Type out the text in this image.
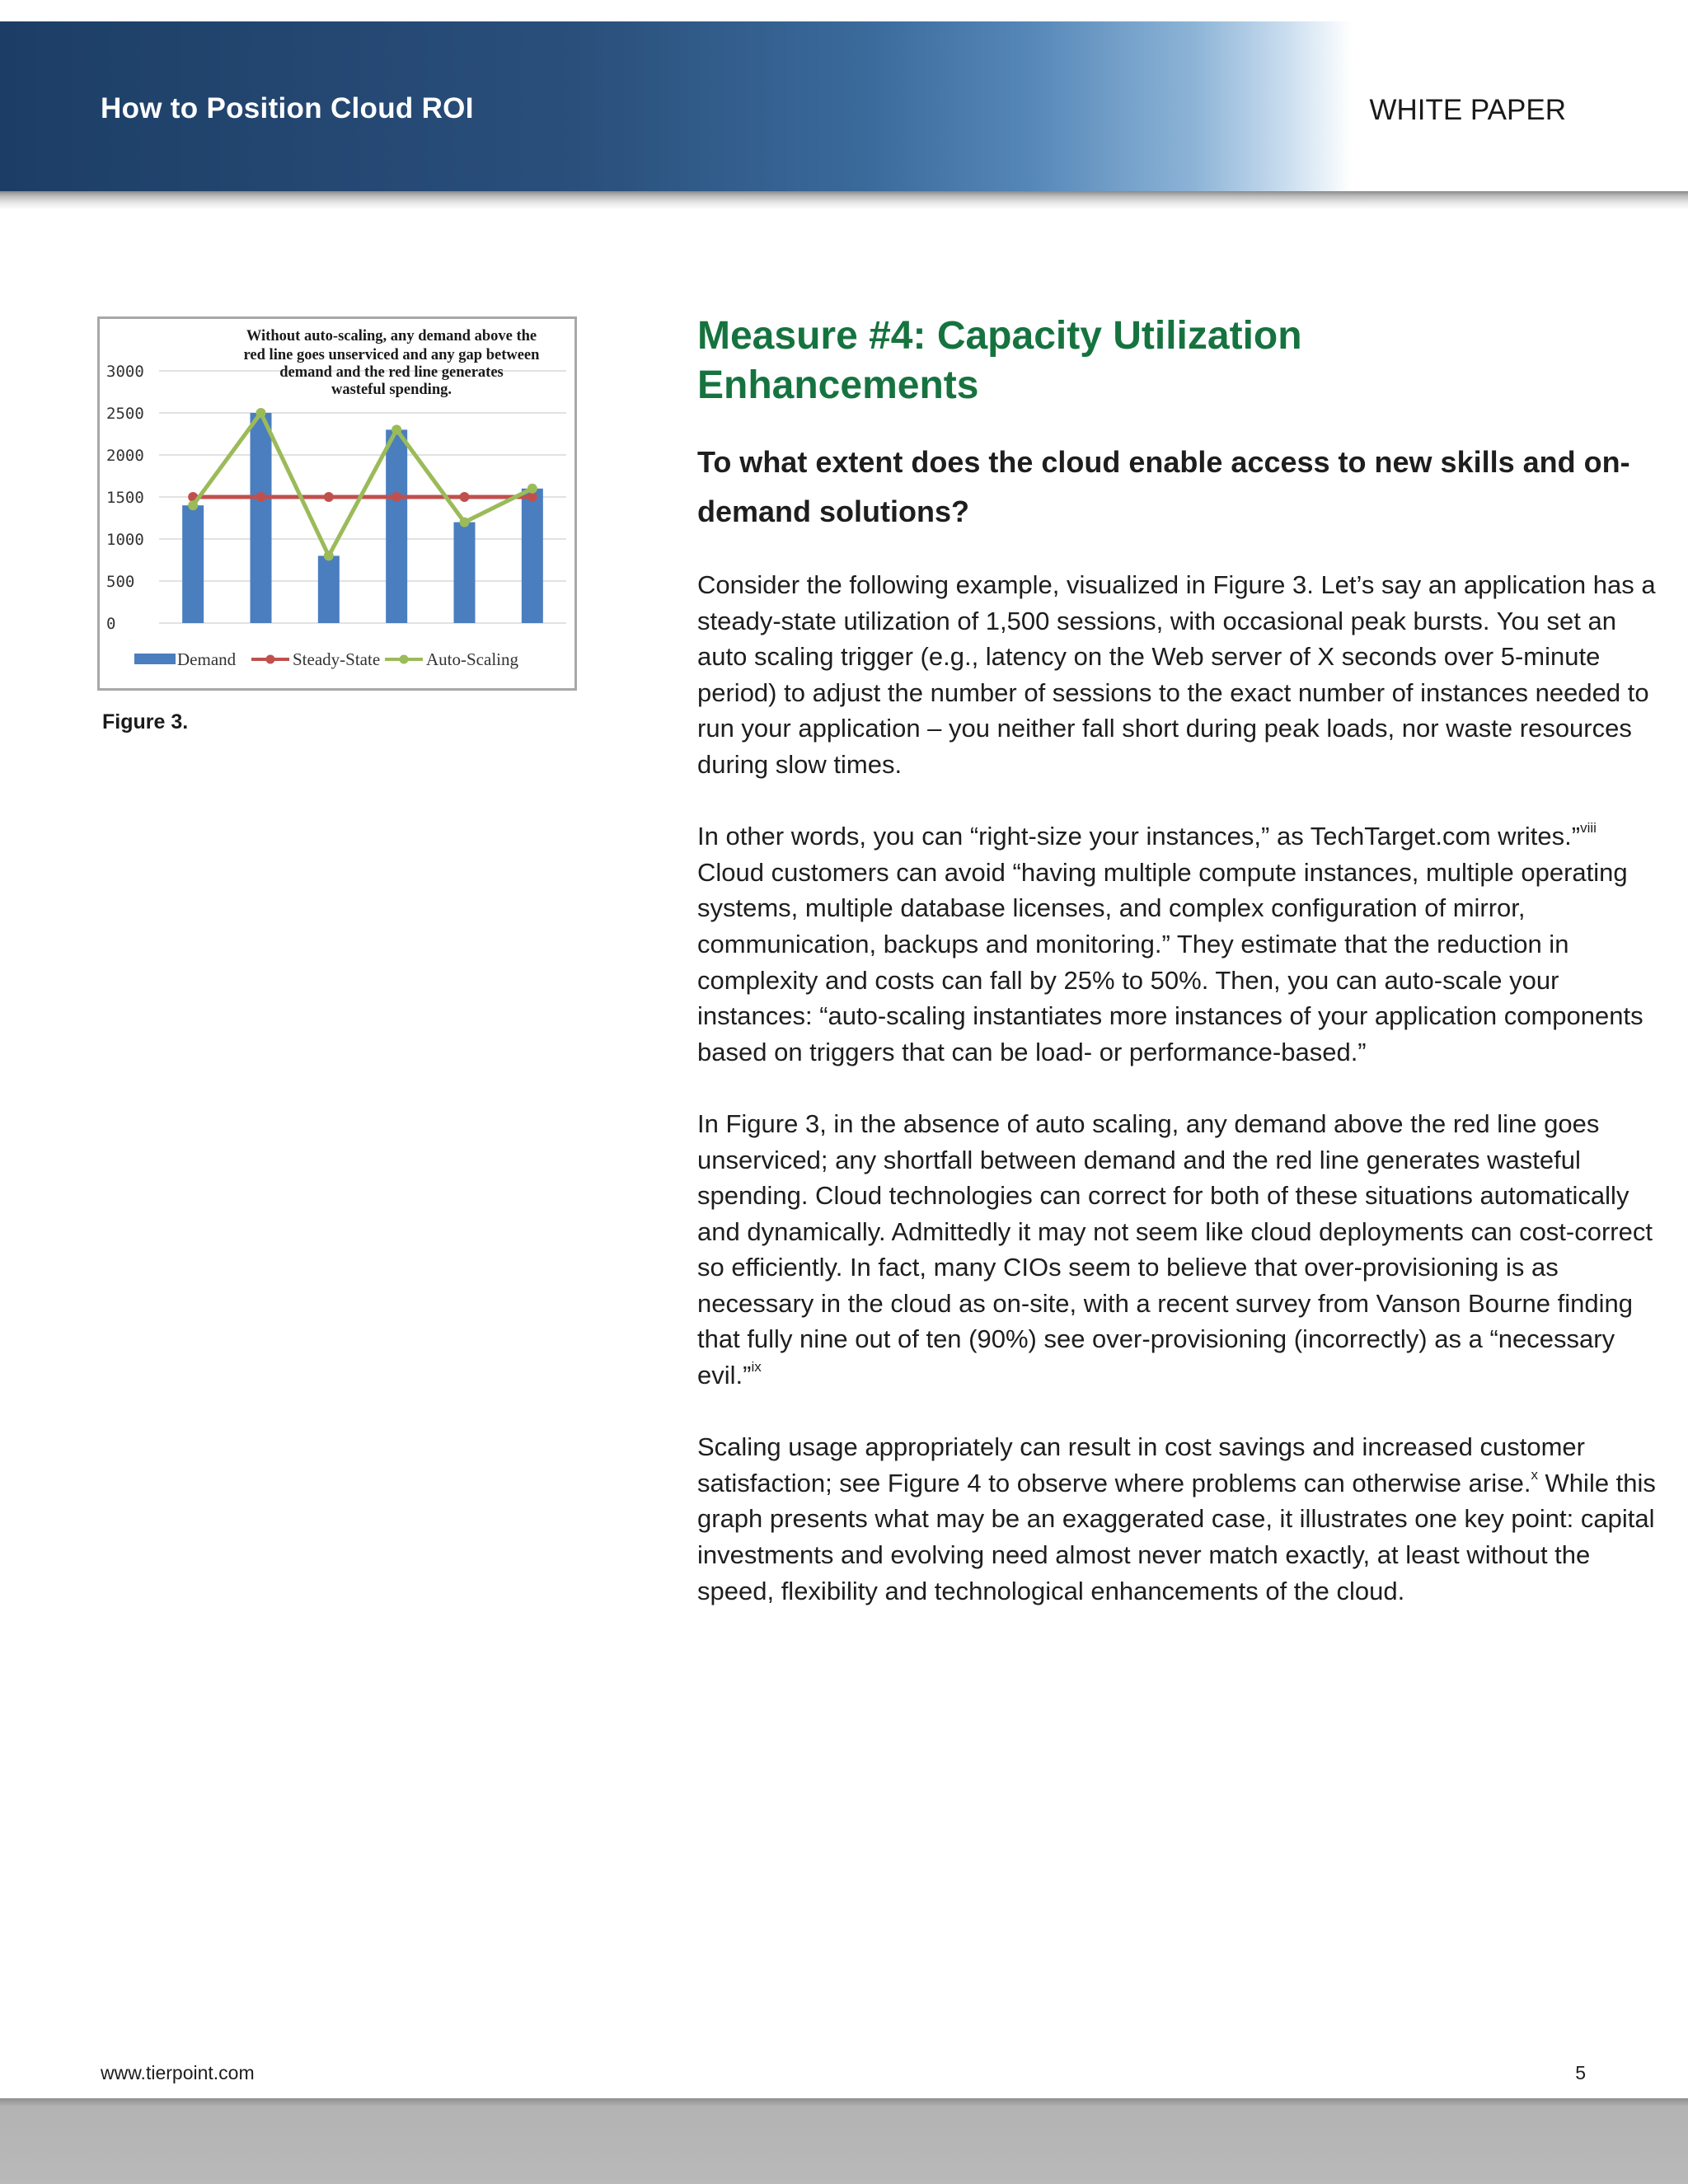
How to Position Cloud ROI	WHITE PAPER
0
500
1000
1500
2000
2500
3000
Without auto-scaling, any demand above the
red line goes unserviced and any gap between
demand and the red line generates
wasteful spending.
Demand	Steady-State	Auto-Scaling
Figure 3.
Measure #4: Capacity Utilization
Enhancements
To what extent does the cloud enable access to new skills and on-demand solutions?

Consider the following example, visualized in Figure 3. Let’s say an application has a steady-state utilization of 1,500 sessions, with occasional peak bursts. You set an auto scaling trigger (e.g., latency on the Web server of X seconds over 5-minute period) to adjust the number of sessions to the exact number of instances needed to run your application – you neither fall short during peak loads, nor waste resources during slow times.

In other words, you can “right-size your instances,” as TechTarget.com writes.”$^{viii}$ Cloud customers can avoid “having multiple compute instances, multiple operating systems, multiple database licenses, and complex configuration of mirror, communication, backups and monitoring.” They estimate that the reduction in complexity and costs can fall by 25% to 50%. Then, you can auto-scale your instances: “auto-scaling instantiates more instances of your application components based on triggers that can be load- or performance-based.”

In Figure 3, in the absence of auto scaling, any demand above the red line goes unserviced; any shortfall between demand and the red line generates wasteful spending. Cloud technologies can correct for both of these situations automatically and dynamically. Admittedly it may not seem like cloud deployments can cost-correct so efficiently. In fact, many CIOs seem to believe that over-provisioning is as necessary in the cloud as on-site, with a recent survey from Vanson Bourne finding that fully nine out of ten (90%) see over-provisioning (incorrectly) as a “necessary evil.”$^{ix}$

Scaling usage appropriately can result in cost savings and increased customer satisfaction; see Figure 4 to observe where problems can otherwise arise.$^x$ While this graph presents what may be an exaggerated case, it illustrates one key point: capital investments and evolving need almost never match exactly, at least without the speed, flexibility and technological enhancements of the cloud.

www.tierpoint.com	5
